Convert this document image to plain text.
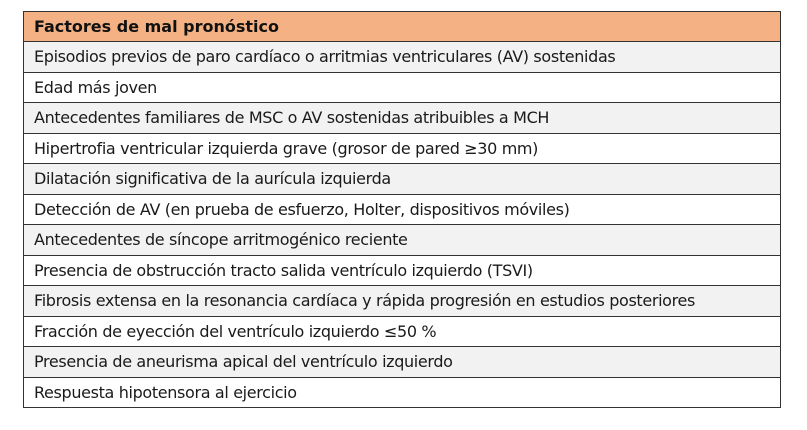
Factores de mal pronóstico
Episodios previos de paro cardíaco o arritmias ventriculares (AV) sostenidas
Edad más joven
Antecedentes familiares de MSC o AV sostenidas atribuibles a MCH
Hipertrofia ventricular izquierda grave (grosor de pared ≥30 mm)
Dilatación significativa de la aurícula izquierda
Detección de AV (en prueba de esfuerzo, Holter, dispositivos móviles)
Antecedentes de síncope arritmogénico reciente
Presencia de obstrucción tracto salida ventrículo izquierdo (TSVI)
Fibrosis extensa en la resonancia cardíaca y rápida progresión en estudios posteriores
Fracción de eyección del ventrículo izquierdo ≤50 %
Presencia de aneurisma apical del ventrículo izquierdo
Respuesta hipotensora al ejercicio
